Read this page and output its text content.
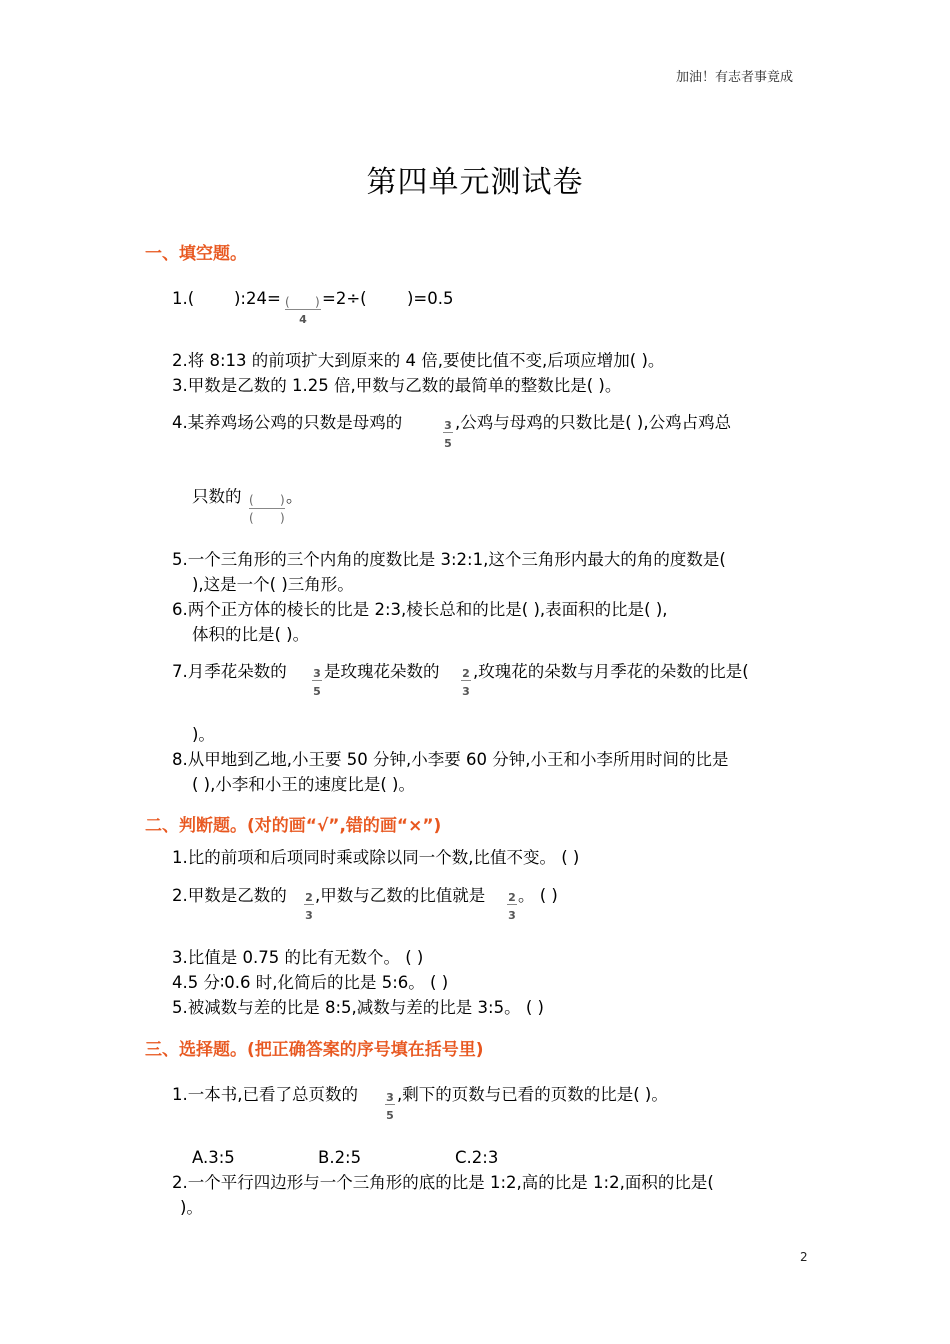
加油！有志者事竟成
第四单元测试卷
一、填空题。
1.( ):24= ( )
4
=2÷( )=0.5
2.将 8:13 的前项扩大到原来的 4 倍,要使比值不变,后项应增加( )。
3.甲数是乙数的 1.25 倍,甲数与乙数的最简单的整数比是( )。
4.某养鸡场公鸡的只数是母鸡的	3
5
,公鸡与母鸡的只数比是( ),公鸡占鸡总
只数的 ( )
( )
。
5.一个三角形的三个内角的度数比是 3:2:1,这个三角形内最大的角的度数是(
),这是一个( )三角形。
6.两个正方体的棱长的比是 2:3,棱长总和的比是( ),表面积的比是( ),
体积的比是( )。
7.月季花朵数的 3
5
是玫瑰花朵数的 2
3
,玫瑰花的朵数与月季花的朵数的比是(
)。
8.从甲地到乙地,小王要 50 分钟,小李要 60 分钟,小王和小李所用时间的比是
( ),小李和小王的速度比是( )。
二、判断题。(对的画“√”,错的画“×”)
1.比的前项和后项同时乘或除以同一个数,比值不变。 ( )
2.甲数是乙数的 2
3
,甲数与乙数的比值就是 2
3
。 ( )
3.比值是 0.75 的比有无数个。 ( )
4.5 分∶0.6 时,化简后的比是 5:6。 ( )
5.被减数与差的比是 8:5,减数与差的比是 3:5。 ( )
三、选择题。(把正确答案的序号填在括号里)
1.一本书,已看了总页数的	3
5
,剩下的页数与已看的页数的比是( )。
A.3:5	B.2:5	C.2:3
2.一个平行四边形与一个三角形的底的比是 1:2,高的比是 1:2,面积的比是(
)。
2
